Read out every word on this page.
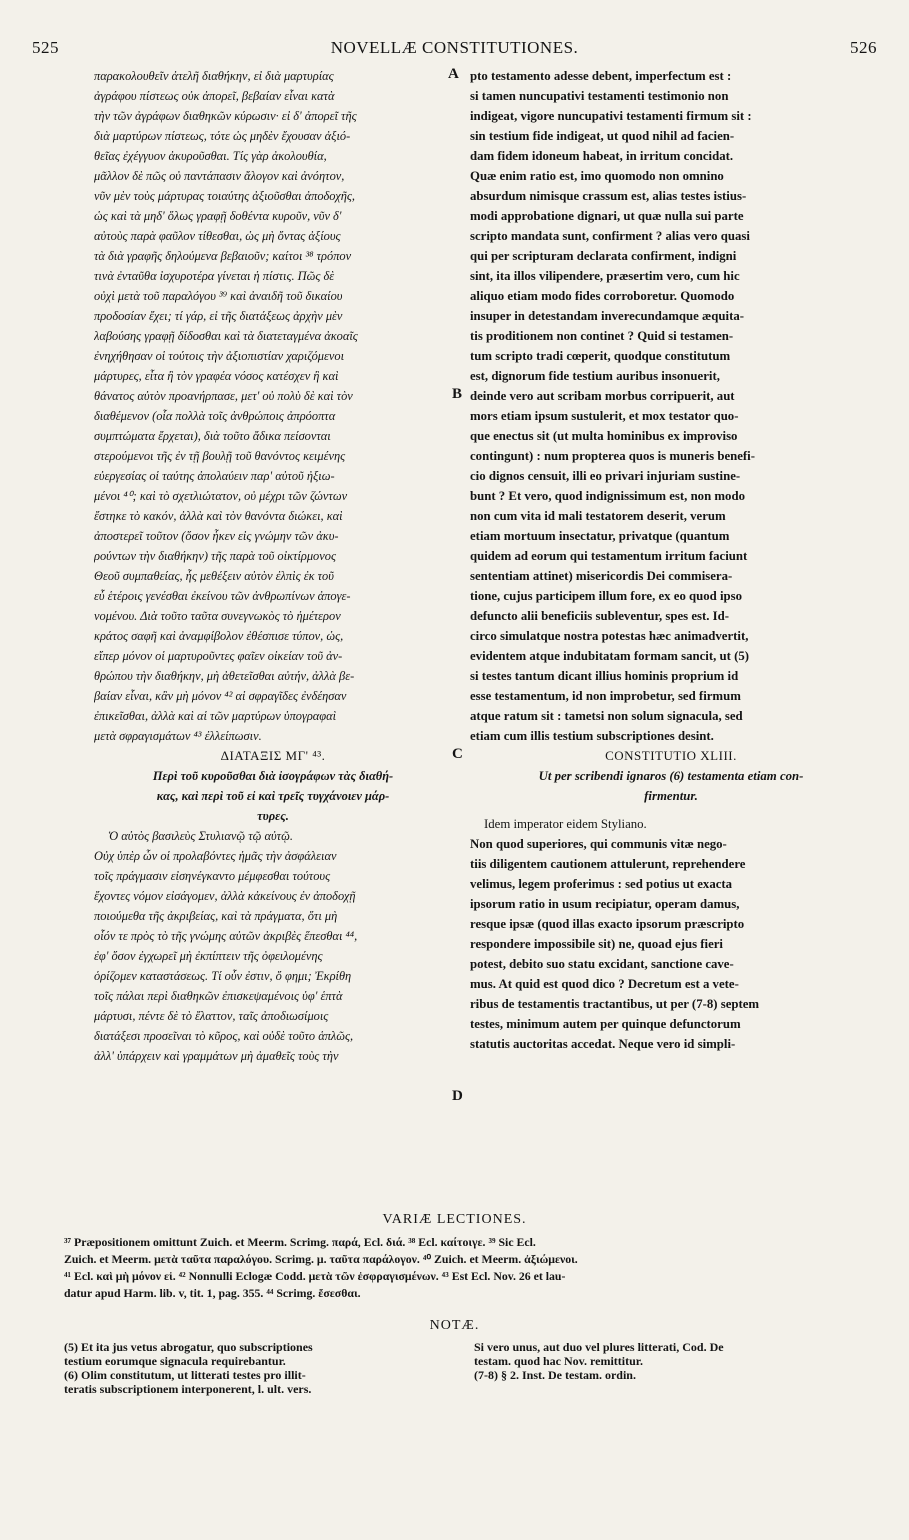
525	NOVELLÆ CONSTITUTIONES.	526
παρακολουθεῖν ἀτελῆ διαθήκην, εἰ διὰ μαρτυρίας
ἀγράφου πίστεως οὐκ ἀπορεῖ, βεβαίαν εἶναι κατὰ
τὴν τῶν ἀγράφων διαθηκῶν κύρωσιν· εἰ δ' ἀπορεῖ τῆς
διὰ μαρτύρων πίστεως, τότε ὡς μηδὲν ἔχουσαν ἀξιό-
θεῖας ἐχέγγυον ἀκυροῦσθαι. Τίς γὰρ ἀκολουθία,
μᾶλλον δὲ πῶς οὐ παντάπασιν ἄλογον καὶ ἀνόητον,
νῦν μὲν τοὺς μάρτυρας τοιαύτης ἀξιοῦσθαι ἀποδοχῆς,
ὡς καὶ τὰ μηδ' ὅλως γραφῇ δοθέντα κυροῦν, νῦν δ'
αὐτοὺς παρὰ φαῦλον τίθεσθαι, ὡς μὴ ὄντας ἀξίους
τὰ διὰ γραφῆς δηλούμενα βεβαιοῦν; καίτοι ³⁸ τρόπον
τινὰ ἐνταῦθα ἰσχυροτέρα γίνεται ἡ πίστις. Πῶς δὲ
οὐχὶ μετὰ τοῦ παραλόγου ³⁹ καὶ ἀναιδῆ τοῦ δικαίου
προδοσίαν ἔχει; τί γάρ, εἰ τῆς διατάξεως ἀρχὴν μὲν
λαβούσης γραφῇ δίδοσθαι καὶ τὰ διατεταγμένα ἀκοαῖς
ἐνηχήθησαν οἱ τούτοις τὴν ἀξιοπιστίαν χαριζόμενοι
μάρτυρες, εἶτα ἢ τὸν γραφέα νόσος κατέσχεν ἢ καὶ
θάνατος αὐτὸν προανήρπασε, μετ' οὐ πολὺ δὲ καὶ τὸν
διαθέμενον (οἷα πολλὰ τοῖς ἀνθρώποις ἀπρόοπτα
συμπτώματα ἔρχεται), διὰ τοῦτο ἄδικα πείσονται
στερούμενοι τῆς ἐν τῇ βουλῇ τοῦ θανόντος κειμένης
εὐεργεσίας οἱ ταύτης ἀπολαύειν παρ' αὐτοῦ ἠξιω-
μένοι ⁴⁰; καὶ τὸ σχετλιώτατον, οὐ μέχρι τῶν ζώντων
ἔστηκε τὸ κακόν, ἀλλὰ καὶ τὸν θανόντα διώκει, καὶ
ἀποστερεῖ τοῦτον (ὅσον ἧκεν εἰς γνώμην τῶν ἀκυ-
ρούντων τὴν διαθήκην) τῆς παρὰ τοῦ οἰκτίρμονος
Θεοῦ συμπαθείας, ἧς μεθέξειν αὐτὸν ἐλπὶς ἐκ τοῦ
εὖ ἑτέροις γενέσθαι ἐκείνου τῶν ἀνθρωπίνων ἀπογε-
νομένου. Διὰ τοῦτο ταῦτα συνεγνωκὸς τὸ ἡμέτερον
κράτος σαφῆ καὶ ἀναμφίβολον ἐθέσπισε τύπον, ὡς,
εἴπερ μόνον οἱ μαρτυροῦντες φαῖεν οἰκείαν τοῦ ἀν-
θρώπου τὴν διαθήκην, μὴ ἀθετεῖσθαι αὐτήν, ἀλλὰ βε-
βαίαν εἶναι, κἂν μὴ μόνον ⁴² αἱ σφραγῖδες ἐνδέησαν
ἐπικεῖσθαι, ἀλλὰ καὶ αἱ τῶν μαρτύρων ὑπογραφαὶ
μετὰ σφραγισμάτων ⁴³ ἐλλείπωσιν.
ΔΙΑΤΑΞΙΣ ΜΓ' ⁴³.
Περὶ τοῦ κυροῦσθαι διὰ ἰσογράφων τὰς διαθή-
κας, καὶ περὶ τοῦ εἰ καὶ τρεῖς τυγχάνοιεν μάρ-
τυρες.
Ὁ αὐτὸς βασιλεὺς Στυλιανῷ τῷ αὐτῷ.
Οὐχ ὑπὲρ ὧν οἱ προλαβόντες ἡμᾶς τὴν ἀσφάλειαν
τοῖς πράγμασιν εἰσηνέγκαντο μέμφεσθαι τούτους
ἔχοντες νόμον εἰσάγομεν, ἀλλὰ κἀκείνους ἐν ἀποδοχῇ
ποιούμεθα τῆς ἀκριβείας, καὶ τὰ πράγματα, ὅτι μὴ
οἷόν τε πρὸς τὸ τῆς γνώμης αὐτῶν ἀκριβὲς ἕπεσθαι ⁴⁴,
ἐφ' ὅσον ἐγχωρεῖ μὴ ἐκπίπτειν τῆς ὀφειλομένης
ὁρίζομεν καταστάσεως. Τί οὖν ἐστιν, ὅ φημι; Ἐκρίθη
τοῖς πάλαι περὶ διαθηκῶν ἐπισκεψαμένοις ὑφ' ἑπτὰ
μάρτυσι, πέντε δὲ τὸ ἔλαττον, ταῖς ἀποδιωσίμοις
διατάξεσι προσεῖναι τὸ κῦρος, καὶ οὐδὲ τοῦτο ἁπλῶς,
ἀλλ' ὑπάρχειν καὶ γραμμάτων μὴ ἀμαθεῖς τοὺς τὴν
pto testamento adesse debent, imperfectum est :
si tamen nuncupativi testamenti testimonio non
indigeat, vigore nuncupativi testamenti firmum sit :
sin testium fide indigeat, ut quod nihil ad facien-
dam fidem idoneum habeat, in irritum concidat.
Quæ enim ratio est, imo quomodo non omnino
absurdum nimisque crassum est, alias testes istius-
modi approbatione dignari, ut quæ nulla sui parte
scripto mandata sunt, confirment ? alias vero quasi
qui per scripturam declarata confirment, indigni
sint, ita illos vilipendere, præsertim vero, cum hic
aliquo etiam modo fides corroboretur. Quomodo
insuper in detestandam inverecundamque æquita-
tis proditionem non continet ? Quid si testamen-
tum scripto tradi cœperit, quodque constitutum
est, dignorum fide testium auribus insonuerit,
deinde vero aut scribam morbus corripuerit, aut
mors etiam ipsum sustulerit, et mox testator quo-
que enectus sit (ut multa hominibus ex improviso
contingunt) : num propterea quos is muneris benefi-
cio dignos censuit, illi eo privari injuriam sustine-
bunt ? Et vero, quod indignissimum est, non modo
non cum vita id mali testatorem deserit, verum
etiam mortuum insectatur, privatque (quantum
quidem ad eorum qui testamentum irritum faciunt
sententiam attinet) misericordis Dei commisera-
tione, cujus participem illum fore, ex eo quod ipso
defuncto alii beneficiis subleventur, spes est. Id-
circo simulatque nostra potestas hæc animadvertit,
evidentem atque indubitatam formam sancit, ut (5)
si testes tantum dicant illius hominis proprium id
esse testamentum, id non improbetur, sed firmum
atque ratum sit : tametsi non solum signacula, sed
etiam cum illis testium subscriptiones desint.
CONSTITUTIO XLIII.
Ut per scribendi ignaros (6) testamenta etiam con-
firmentur.
Idem imperator eidem Styliano.
Non quod superiores, qui communis vitæ nego-
tiis diligentem cautionem attulerunt, reprehendere
velimus, legem proferimus : sed potius ut exacta
ipsorum ratio in usum recipiatur, operam damus,
resque ipsæ (quod illas exacto ipsorum præscripto
respondere impossibile sit) ne, quoad ejus fieri
potest, debito suo statu excidant, sanctione cave-
mus. At quid est quod dico ? Decretum est a vete-
ribus de testamentis tractantibus, ut per (7-8) septem
testes, minimum autem per quinque defunctorum
statutis auctoritas accedat. Neque vero id simpli-
A
B
C
D
VARIÆ LECTIONES.
³⁷ Præpositionem omittunt Zuich. et Meerm. Scrimg. παρά, Ecl. διά. ³⁸ Ecl. καίτοιγε. ³⁹ Sic Ecl.
Zuich. et Meerm. μετὰ ταῦτα παραλόγου. Scrimg. μ. ταῦτα παράλογον. ⁴⁰ Zuich. et Meerm. ἀξιώμενοι.
⁴¹ Ecl. καὶ μὴ μόνον εἰ. ⁴² Nonnulli Eclogæ Codd. μετὰ τῶν ἐσφραγισμένων. ⁴³ Est Ecl. Nov. 26 et lau-
datur apud Harm. lib. v, tit. 1, pag. 355. ⁴⁴ Scrimg. ἔσεσθαι.
NOTÆ.
(5) Et ita jus vetus abrogatur, quo subscriptiones
testium eorumque signacula requirebantur.
(6) Olim constitutum, ut litterati testes pro illit-
teratis subscriptionem interponerent, l. ult. vers.
Si vero unus, aut duo vel plures litterati, Cod. De
testam. quod hac Nov. remittitur.
(7-8) § 2. Inst. De testam. ordin.
